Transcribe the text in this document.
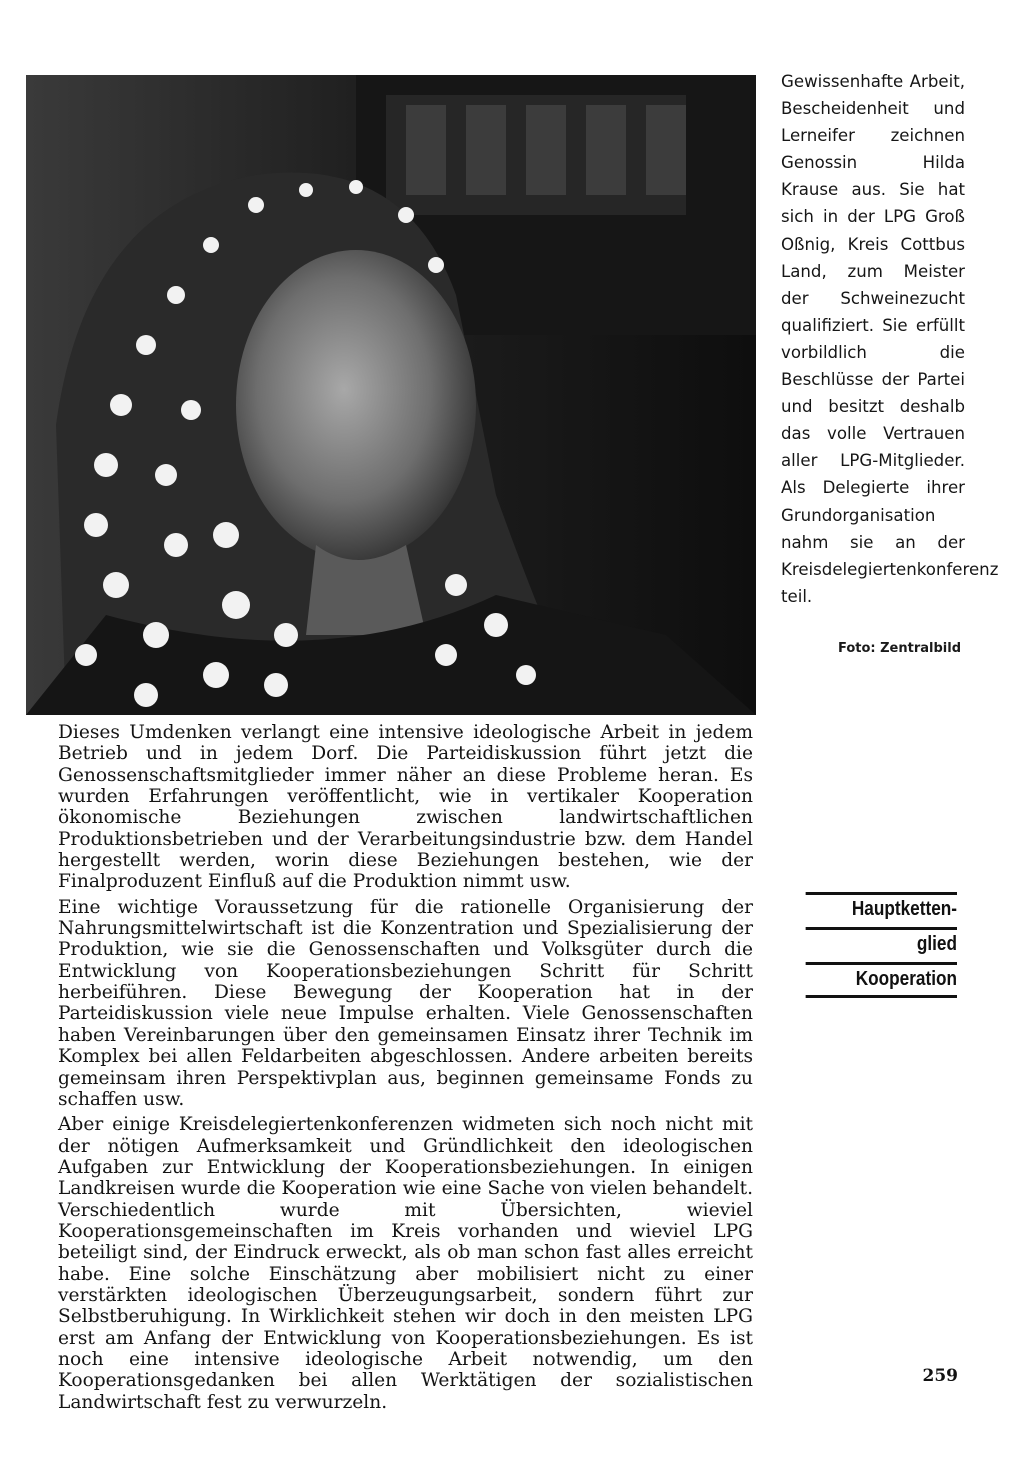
Gewissenhafte Arbeit, Bescheidenheit und Lerneifer zeichnen Genossin Hilda Krause aus. Sie hat sich in der LPG Groß Oßnig, Kreis Cottbus Land, zum Meister der Schweinezucht qualifiziert. Sie erfüllt vorbildlich die Beschlüsse der Partei und besitzt deshalb das volle Vertrauen aller LPG-Mitglieder. Als Delegierte ihrer Grundorganisation nahm sie an der Kreisdelegiertenkonferenz teil.

Foto: Zentralbild

Dieses Umdenken verlangt eine intensive ideologische Arbeit in jedem Betrieb und in jedem Dorf. Die Parteidiskussion führt jetzt die Genossenschaftsmitglieder immer näher an diese Probleme heran. Es wurden Erfahrungen veröffentlicht, wie in vertikaler Kooperation ökonomische Beziehungen zwischen landwirtschaftlichen Produktionsbetrieben und der Verarbeitungsindustrie bzw. dem Handel hergestellt werden, worin diese Beziehungen bestehen, wie der Finalproduzent Einfluß auf die Produktion nimmt usw.

Eine wichtige Voraussetzung für die rationelle Organisierung der Nahrungsmittelwirtschaft ist die Konzentration und Spezialisierung der Produktion, wie sie die Genossenschaften und Volksgüter durch die Entwicklung von Kooperationsbeziehungen Schritt für Schritt herbeiführen. Diese Bewegung der Kooperation hat in der Parteidiskussion viele neue Impulse erhalten. Viele Genossenschaften haben Vereinbarungen über den gemeinsamen Einsatz ihrer Technik im Komplex bei allen Feldarbeiten abgeschlossen. Andere arbeiten bereits gemeinsam ihren Perspektivplan aus, beginnen gemeinsame Fonds zu schaffen usw.

Aber einige Kreisdelegiertenkonferenzen widmeten sich noch nicht mit der nötigen Aufmerksamkeit und Gründlichkeit den ideologischen Aufgaben zur Entwicklung der Kooperationsbeziehungen. In einigen Landkreisen wurde die Kooperation wie eine Sache von vielen behandelt. Verschiedentlich wurde mit Übersichten, wieviel Kooperationsgemeinschaften im Kreis vorhanden und wieviel LPG beteiligt sind, der Eindruck erweckt, als ob man schon fast alles erreicht habe. Eine solche Einschätzung aber mobilisiert nicht zu einer verstärkten ideologischen Überzeugungsarbeit, sondern führt zur Selbstberuhigung. In Wirklichkeit stehen wir doch in den meisten LPG erst am Anfang der Entwicklung von Kooperationsbeziehungen. Es ist noch eine intensive ideologische Arbeit notwendig, um den Kooperationsgedanken bei allen Werktätigen der sozialistischen Landwirtschaft fest zu verwurzeln.

Hauptketten-
glied
Kooperation
259
